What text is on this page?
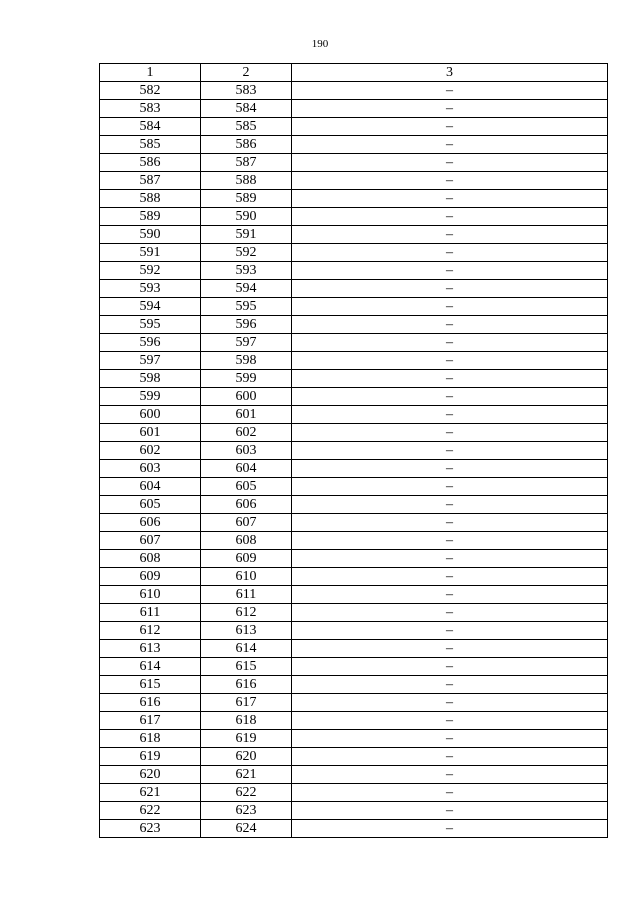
190
1	2	3
582	583	–
583	584	–
584	585	–
585	586	–
586	587	–
587	588	–
588	589	–
589	590	–
590	591	–
591	592	–
592	593	–
593	594	–
594	595	–
595	596	–
596	597	–
597	598	–
598	599	–
599	600	–
600	601	–
601	602	–
602	603	–
603	604	–
604	605	–
605	606	–
606	607	–
607	608	–
608	609	–
609	610	–
610	611	–
611	612	–
612	613	–
613	614	–
614	615	–
615	616	–
616	617	–
617	618	–
618	619	–
619	620	–
620	621	–
621	622	–
622	623	–
623	624	–
